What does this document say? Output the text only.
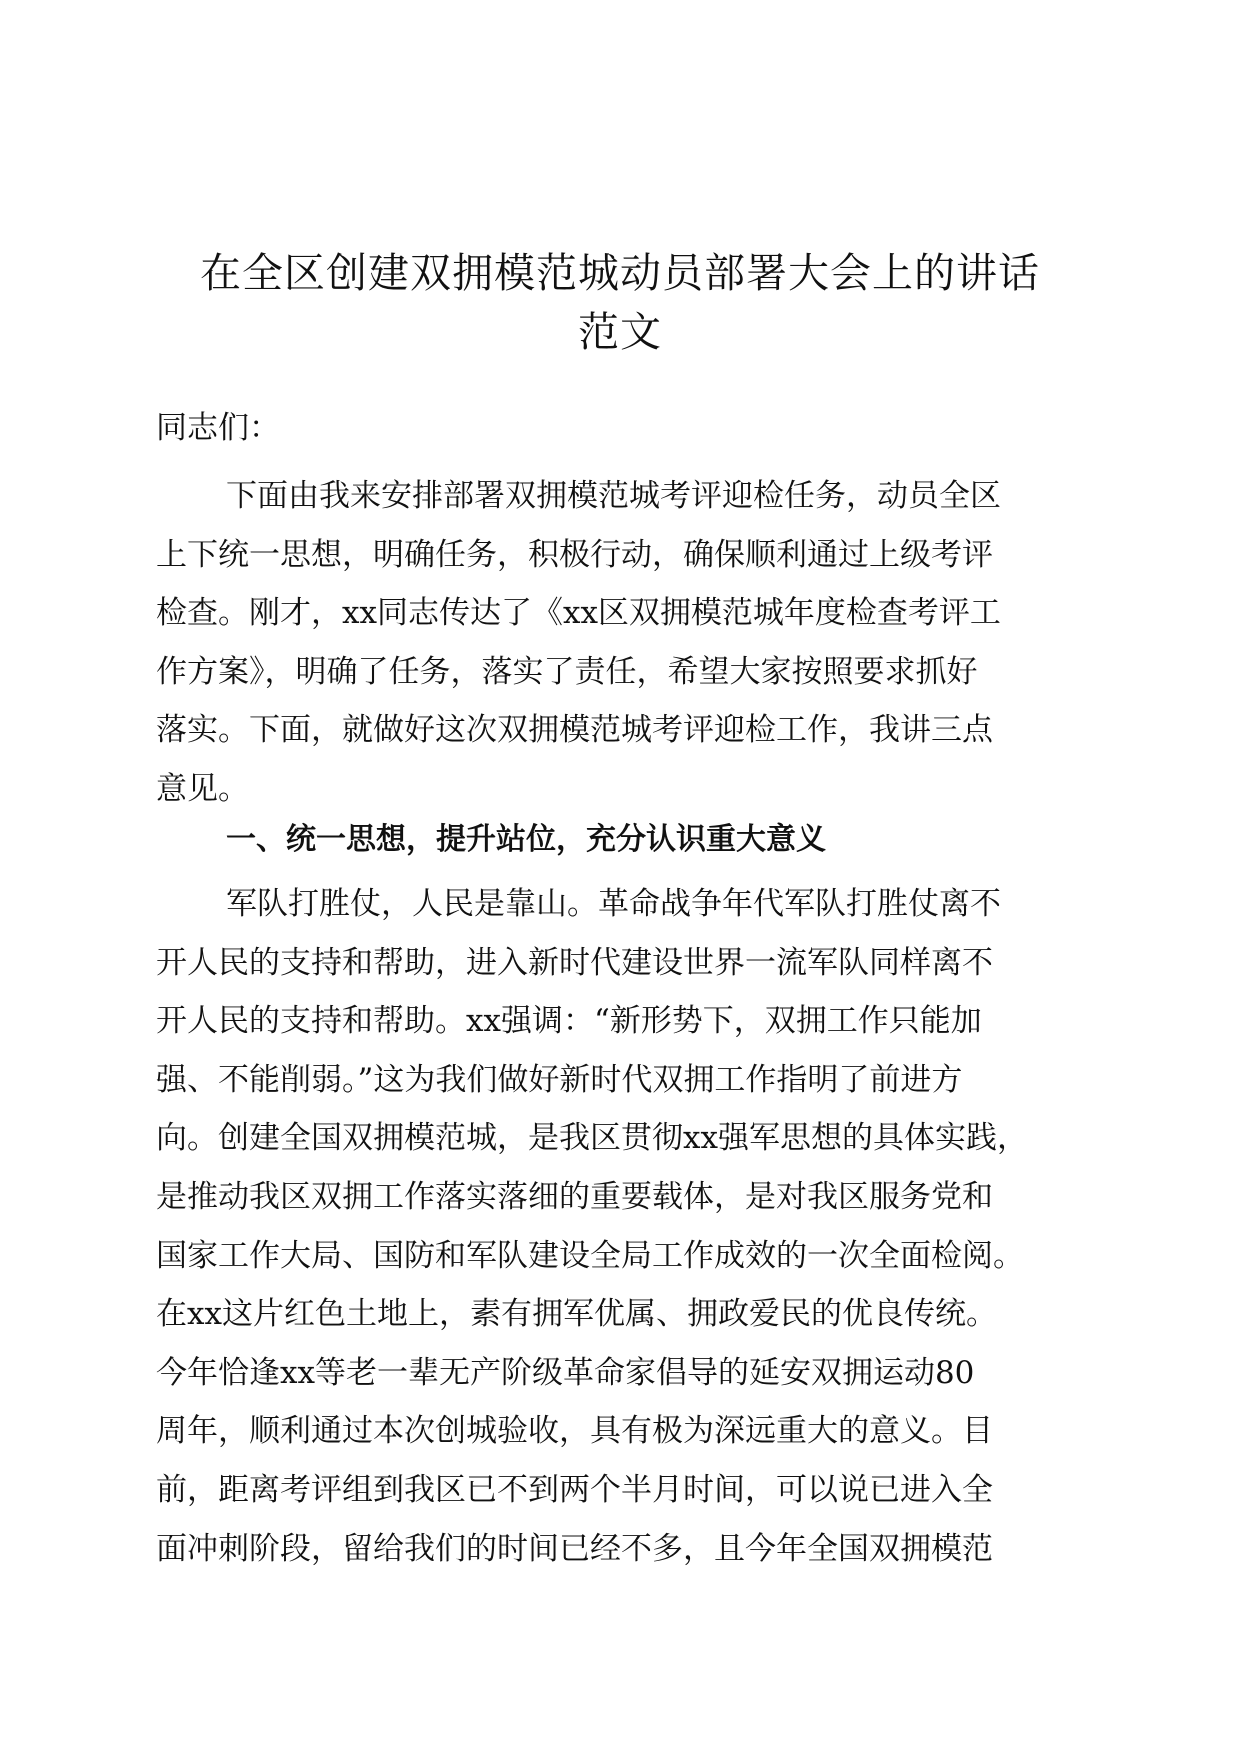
在全区创建双拥模范城动员部署大会上的讲话
范文
同志们：
下面由我来安排部署双拥模范城考评迎检任务，动员全区
上下统一思想，明确任务，积极行动，确保顺利通过上级考评
检查。刚才，xx同志传达了《xx区双拥模范城年度检查考评工
作方案》，明确了任务，落实了责任，希望大家按照要求抓好
落实。下面，就做好这次双拥模范城考评迎检工作，我讲三点
意见。
一、统一思想，提升站位，充分认识重大意义
军队打胜仗，人民是靠山。革命战争年代军队打胜仗离不
开人民的支持和帮助，进入新时代建设世界一流军队同样离不
开人民的支持和帮助。xx强调：“新形势下，双拥工作只能加
强、不能削弱。”这为我们做好新时代双拥工作指明了前进方
向。创建全国双拥模范城，是我区贯彻xx强军思想的具体实践，
是推动我区双拥工作落实落细的重要载体，是对我区服务党和
国家工作大局、国防和军队建设全局工作成效的一次全面检阅。
在xx这片红色土地上，素有拥军优属、拥政爱民的优良传统。
今年恰逢xx等老一辈无产阶级革命家倡导的延安双拥运动80
周年，顺利通过本次创城验收，具有极为深远重大的意义。目
前，距离考评组到我区已不到两个半月时间，可以说已进入全
面冲刺阶段，留给我们的时间已经不多，且今年全国双拥模范
